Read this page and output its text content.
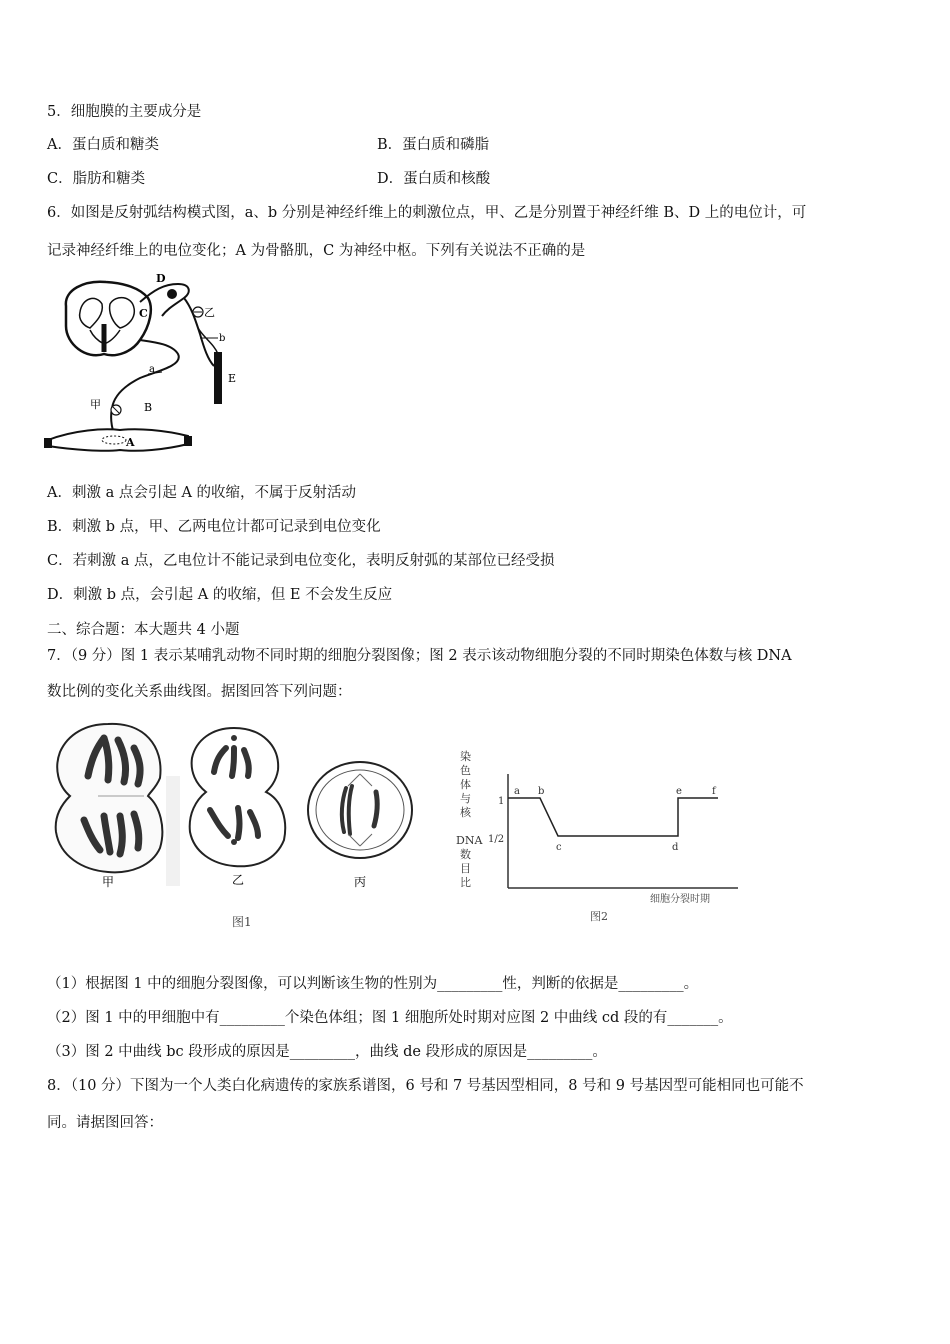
5．细胞膜的主要成分是
A．蛋白质和糖类	B．蛋白质和磷脂
C．脂肪和糖类	D．蛋白质和核酸
6．如图是反射弧结构模式图，a、b 分别是神经纤维上的刺激位点，甲、乙是分别置于神经纤维 B、D 上的电位计，可
记录神经纤维上的电位变化；A 为骨骼肌，C 为神经中枢。下列有关说法不正确的是
D
C	乙
b
E
a
甲	B
A
A．刺激 a 点会引起 A 的收缩，不属于反射活动
B．刺激 b 点，甲、乙两电位计都可记录到电位变化
C．若刺激 a 点，乙电位计不能记录到电位变化，表明反射弧的某部位已经受损
D．刺激 b 点，会引起 A 的收缩，但 E 不会发生反应
二、综合题：本大题共 4 小题
7．（9 分）图 1 表示某哺乳动物不同时期的细胞分裂图像；图 2 表示该动物细胞分裂的不同时期染色体数与核 DNA
数比例的变化关系曲线图。据图回答下列问题：
甲	乙	丙
图1
染
色
体
与
核
DNA
数
目
比
1
1/2
a b
c	d
e	f
细胞分裂时期
图2
（1）根据图 1 中的细胞分裂图像，可以判断该生物的性别为_________性，判断的依据是_________。
（2）图 1 中的甲细胞中有_________个染色体组；图 1 细胞所处时期对应图 2 中曲线 cd 段的有_______。
（3）图 2 中曲线 bc 段形成的原因是_________，曲线 de 段形成的原因是_________。
8．（10 分）下图为一个人类白化病遗传的家族系谱图，6 号和 7 号基因型相同，8 号和 9 号基因型可能相同也可能不
同。请据图回答：
